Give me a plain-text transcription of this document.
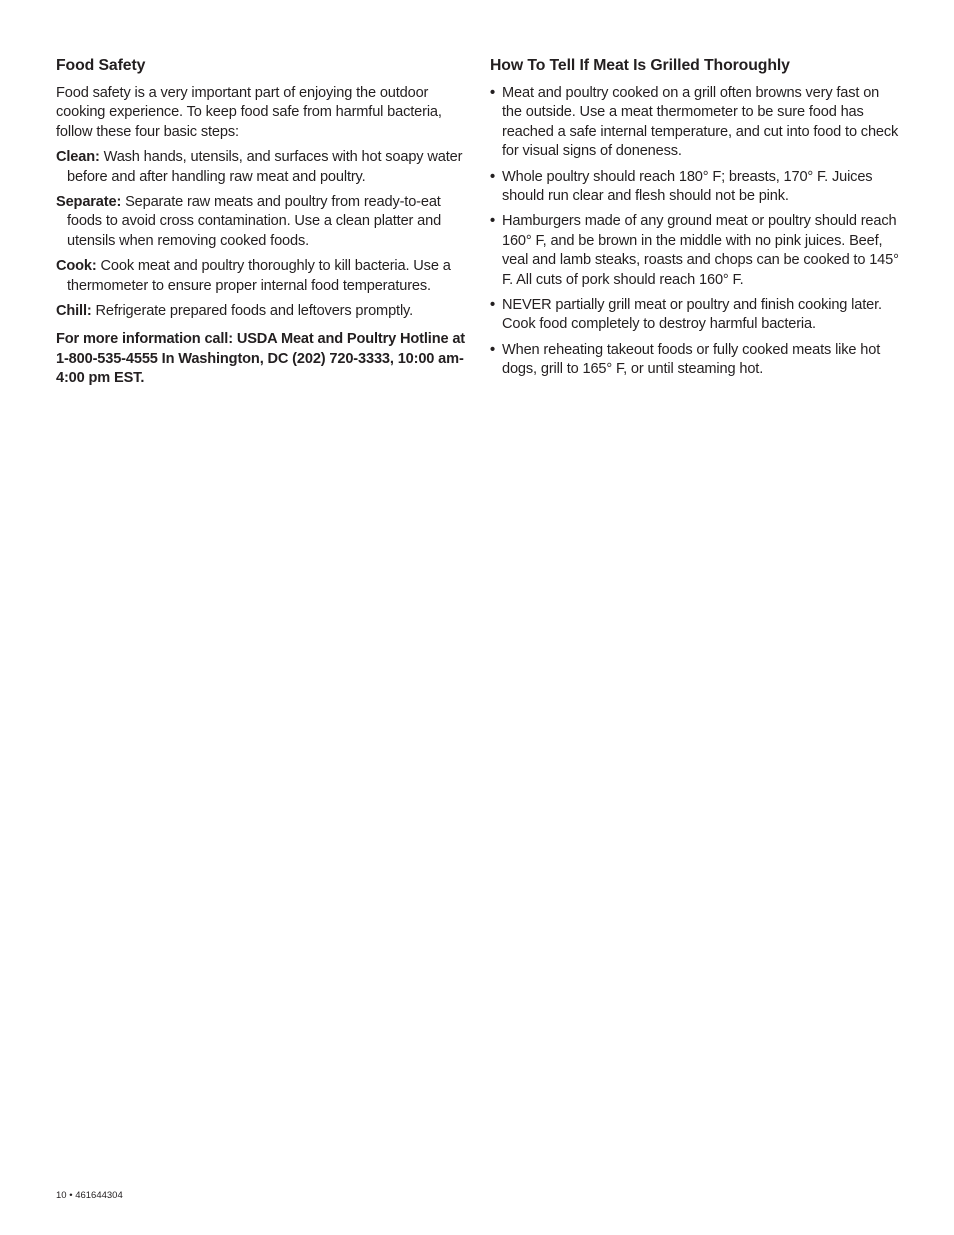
Food Safety

Food safety is a very important part of enjoying the outdoor cooking experience. To keep food safe from harmful bacteria, follow these four basic steps:

Clean: Wash hands, utensils, and surfaces with hot soapy water before and after handling raw meat and poultry.

Separate: Separate raw meats and poultry from ready-to-eat foods to avoid cross contamination. Use a clean platter and utensils when removing cooked foods.

Cook: Cook meat and poultry thoroughly to kill bacteria. Use a thermometer to ensure proper internal food temperatures.

Chill: Refrigerate prepared foods and leftovers promptly.

For more information call: USDA Meat and Poultry Hotline at 1-800-535-4555 In Washington, DC (202) 720-3333, 10:00 am-4:00 pm EST.

How To Tell If Meat Is Grilled Thoroughly
• Meat and poultry cooked on a grill often browns very fast on the outside. Use a meat thermometer to be sure food has reached a safe internal temperature, and cut into food to check for visual signs of doneness.
• Whole poultry should reach 180° F; breasts, 170° F. Juices should run clear and flesh should not be pink.
• Hamburgers made of any ground meat or poultry should reach 160° F, and be brown in the middle with no pink juices. Beef, veal and lamb steaks, roasts and chops can be cooked to 145° F. All cuts of pork should reach 160° F.
• NEVER partially grill meat or poultry and finish cooking later. Cook food completely to destroy harmful bacteria.
• When reheating takeout foods or fully cooked meats like hot dogs, grill to 165° F, or until steaming hot.
10 • 461644304
